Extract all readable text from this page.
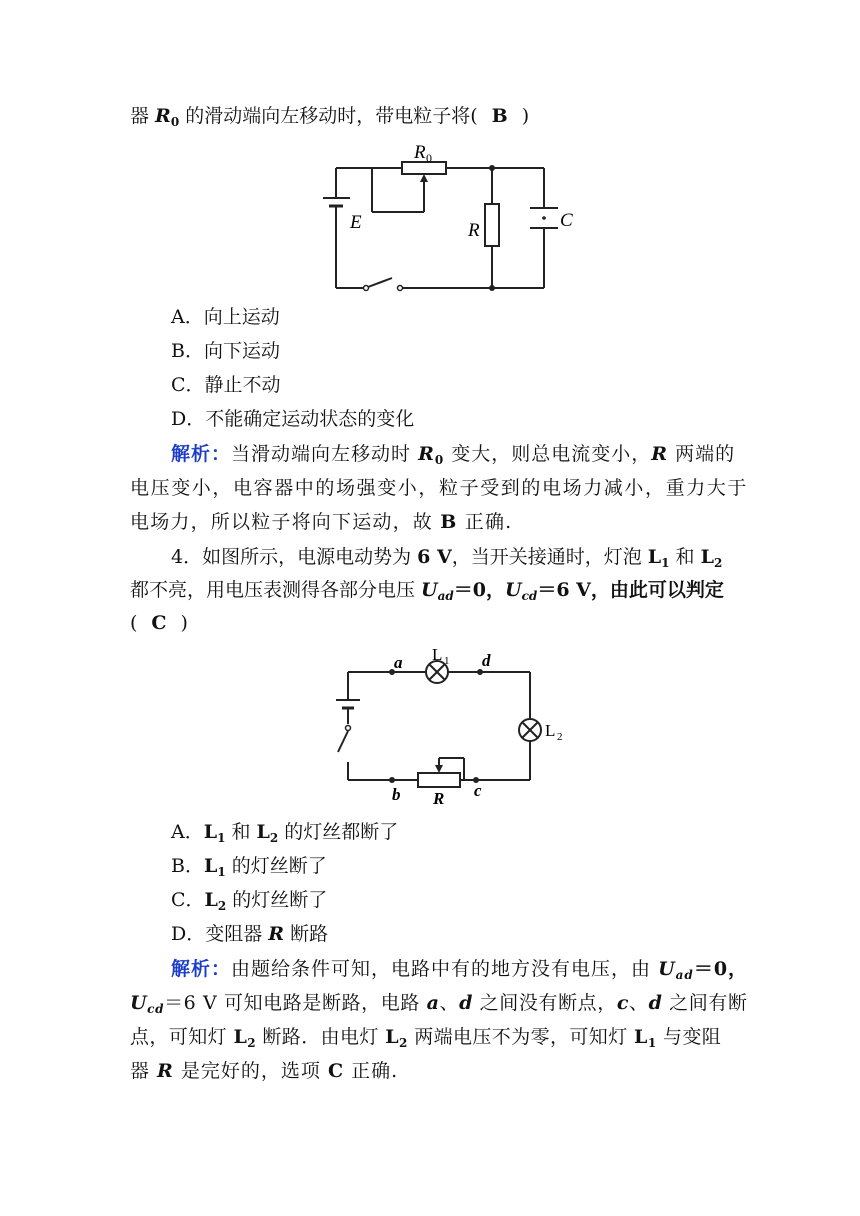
器 $R_0$ 的滑动端向左移动时，带电粒子将( B )
R 0
E	R	C
A．向上运动
B．向下运动
C．静止不动
D．不能确定运动状态的变化
解析：当滑动端向左移动时 $R_0$ 变大，则总电流变小，R 两端的
电压变小，电容器中的场强变小，粒子受到的电场力减小，重力大于
电场力，所以粒子将向下运动，故 B 正确.
4．如图所示，电源电动势为 6 V，当开关接通时，灯泡 $L_1$ 和 $L_2$
都不亮，用电压表测得各部分电压 $U_{ad}=0$，$U_{cd}=6$ V，由此可以判定
( C )
a	d
b	c
R
L 1
L 2
A．$L_1$ 和 $L_2$ 的灯丝都断了
B．$L_1$ 的灯丝断了
C．$L_2$ 的灯丝断了
D．变阻器 R 断路
解析：由题给条件可知，电路中有的地方没有电压，由 $U_{ad}=0$，
$U_{cd}=6$ V 可知电路是断路，电路 a、d 之间没有断点，c、d 之间有断
点，可知灯 $L_2$ 断路．由电灯 $L_2$ 两端电压不为零，可知灯 $L_1$ 与变阻
器 R 是完好的，选项 C 正确.
